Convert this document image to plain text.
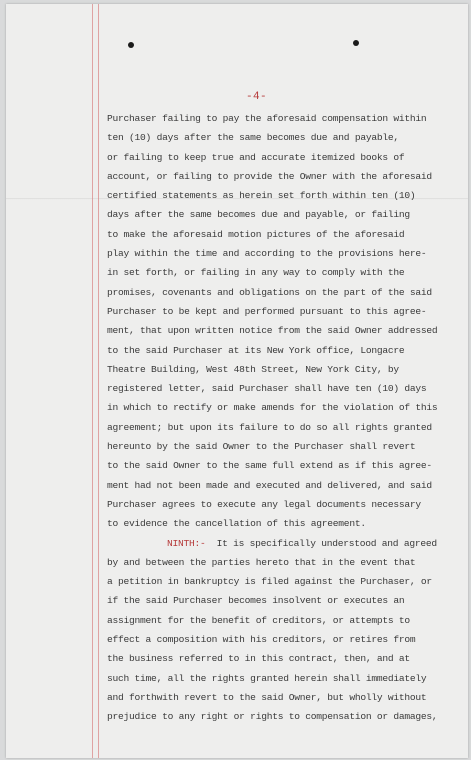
-4-
Purchaser failing to pay the aforesaid compensation within
ten (10) days after the same becomes due and payable,
or failing to keep true and accurate itemized books of
account, or failing to provide the Owner with the aforesaid
certified statements as herein set forth within ten (10)
days after the same becomes due and payable, or failing
to make the aforesaid motion pictures of the aforesaid
play within the time and according to the provisions here-
in set forth, or failing in any way to comply with the
promises, covenants and obligations on the part of the said
Purchaser to be kept and performed pursuant to this agree-
ment, that upon written notice from the said Owner addressed
to the said Purchaser at its New York office, Longacre
Theatre Building, West 48th Street, New York City, by
registered letter, said Purchaser shall have ten (10) days
in which to rectify or make amends for the violation of this
agreement; but upon its failure to do so all rights granted
hereunto by the said Owner to the Purchaser shall revert
to the said Owner to the same full extend as if this agree-
ment had not been made and executed and delivered, and said
Purchaser agrees to execute any legal documents necessary
to evidence the cancellation of this agreement.
NINTH:- It is specifically understood and agreed
by and between the parties hereto that in the event that
a petition in bankruptcy is filed against the Purchaser, or
if the said Purchaser becomes insolvent or executes an
assignment for the benefit of creditors, or attempts to
effect a composition with his creditors, or retires from
the business referred to in this contract, then, and at
such time, all the rights granted herein shall immediately
and forthwith revert to the said Owner, but wholly without
prejudice to any right or rights to compensation or damages,
